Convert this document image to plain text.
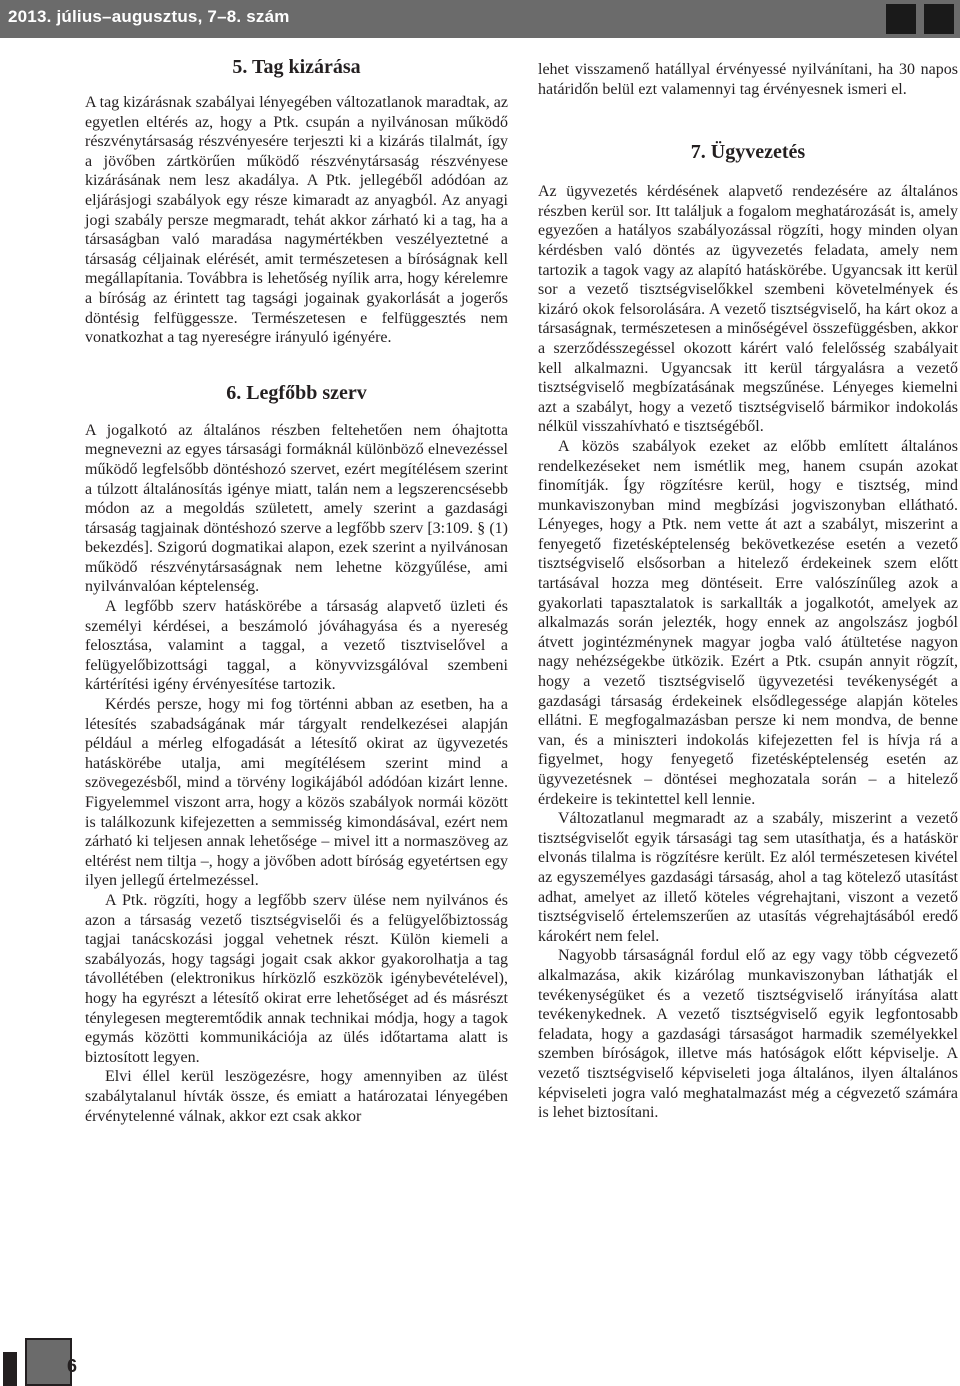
2013. július–augusztus, 7–8. szám
5. Tag kizárása

A tag kizárásnak szabályai lényegében változatlanok maradtak, az egyetlen eltérés az, hogy a Ptk. csupán a nyilvánosan működő részvénytársaság részvényesére terjeszti ki a kizárás tilalmát, így a jövőben zártkörűen működő részvénytársaság részvényese kizárásának nem lesz akadálya. A Ptk. jellegéből adódóan az eljárásjogi szabályok egy része kimaradt az anyagból. Az anyagi jogi szabály persze megmaradt, tehát akkor zárható ki a tag, ha a társaságban való maradása nagymértékben veszélyeztetné a társaság céljainak elérését, amit természetesen a bíróságnak kell megállapítania. Továbbra is lehetőség nyílik arra, hogy kérelemre a bíróság az érintett tag tagsági jogainak gyakorlását a jogerős döntésig felfüggessze. Természetesen e felfüggesztés nem vonatkozhat a tag nyereségre irányuló igényére.

6. Legfőbb szerv

A jogalkotó az általános részben feltehetően nem óhajtotta megnevezni az egyes társasági formáknál különböző elnevezéssel működő legfelsőbb döntéshozó szervet, ezért megítélésem szerint a túlzott általánosítás igénye miatt, talán nem a legszerencsésebb módon az a megoldás született, amely szerint a gazdasági társaság tagjainak döntéshozó szerve a legfőbb szerv [3:109. § (1) bekezdés]. Szigorú dogmatikai alapon, ezek szerint a nyilvánosan működő részvénytársaságnak nem lehetne közgyűlése, ami nyilvánvalóan képtelenség.

A legfőbb szerv hatáskörébe a társaság alapvető üzleti és személyi kérdései, a beszámoló jóváhagyása és a nyereség felosztása, valamint a taggal, a vezető tisztviselővel a felügyelőbizottsági taggal, a könyvvizsgálóval szembeni kártérítési igény érvényesítése tartozik.

Kérdés persze, hogy mi fog történni abban az esetben, ha a létesítés szabadságának már tárgyalt rendelkezései alapján például a mérleg elfogadását a létesítő okirat az ügyvezetés hatáskörébe utalja, ami megítélésem szerint mind a szövegezésből, mind a törvény logikájából adódóan kizárt lenne. Figyelemmel viszont arra, hogy a közös szabályok normái között is találkozunk kifejezetten a semmisség kimondásával, ezért nem zárható ki teljesen annak lehetősége – mivel itt a normaszöveg az eltérést nem tiltja –, hogy a jövőben adott bíróság egyetértsen egy ilyen jellegű értelmezéssel.

A Ptk. rögzíti, hogy a legfőbb szerv ülése nem nyilvános és azon a társaság vezető tisztségviselői és a felügyelőbiztosság tagjai tanácskozási joggal vehetnek részt. Külön kiemeli a szabályozás, hogy tagsági jogait csak akkor gyakorolhatja a tag távollétében (elektronikus hírközlő eszközök igénybevételével), hogy ha egyrészt a létesítő okirat erre lehetőséget ad és másrészt ténylegesen megteremtődik annak technikai módja, hogy a tagok egymás közötti kommunikációja az ülés időtartama alatt is biztosított legyen.

Elvi éllel kerül leszögezésre, hogy amennyiben az ülést szabálytalanul hívták össze, és emiatt a határozatai lényegében érvénytelenné válnak, akkor ezt csak akkor

lehet visszamenő hatállyal érvényessé nyilvánítani, ha 30 napos határidőn belül ezt valamennyi tag érvényesnek ismeri el.

7. Ügyvezetés

Az ügyvezetés kérdésének alapvető rendezésére az általános részben kerül sor. Itt találjuk a fogalom meghatározását is, amely egyezően a hatályos szabályozással rögzíti, hogy minden olyan kérdésben való döntés az ügyvezetés feladata, amely nem tartozik a tagok vagy az alapító hatáskörébe. Ugyancsak itt kerül sor a vezető tisztségviselőkkel szembeni követelmények és kizáró okok felsorolására. A vezető tisztségviselő, ha kárt okoz a társaságnak, természetesen a minőségével összefüggésben, akkor a szerződésszegéssel okozott kárért való felelősség szabályait kell alkalmazni. Ugyancsak itt kerül tárgyalásra a vezető tisztségviselő megbízatásának megszűnése. Lényeges kiemelni azt a szabályt, hogy a vezető tisztségviselő bármikor indokolás nélkül visszahívható e tisztségéből.

A közös szabályok ezeket az előbb említett általános rendelkezéseket nem ismétlik meg, hanem csupán azokat finomítják. Így rögzítésre kerül, hogy e tisztség, mind munkaviszonyban mind megbízási jogviszonyban ellátható. Lényeges, hogy a Ptk. nem vette át azt a szabályt, miszerint a fenyegető fizetésképtelenség bekövetkezése esetén a vezető tisztségviselő elsősorban a hitelező érdekeinek szem előtt tartásával hozza meg döntéseit. Erre valószínűleg azok a gyakorlati tapasztalatok is sarkallták a jogalkotót, amelyek az alkalmazás során jelezték, hogy ennek az angolszász jogból átvett jogintézménynek magyar jogba való átültetése nagyon nagy nehézségekbe ütközik. Ezért a Ptk. csupán annyit rögzít, hogy a vezető tisztségviselő ügyvezetési tevékenységét a gazdasági társaság érdekeinek elsődlegessége alapján köteles ellátni. E megfogalmazásban persze ki nem mondva, de benne van, és a miniszteri indokolás kifejezetten fel is hívja rá a figyelmet, hogy fenyegető fizetésképtelenség esetén az ügyvezetésnek – döntései meghozatala során – a hitelező érdekeire is tekintettel kell lennie.

Változatlanul megmaradt az a szabály, miszerint a vezető tisztségviselőt egyik társasági tag sem utasíthatja, és a hatáskör elvonás tilalma is rögzítésre került. Ez alól természetesen kivétel az egyszemélyes gazdasági társaság, ahol a tag kötelező utasítást adhat, amelyet az illető köteles végrehajtani, viszont a vezető tisztségviselő értelemszerűen az utasítás végrehajtásából eredő károkért nem felel.

Nagyobb társaságnál fordul elő az egy vagy több cégvezető alkalmazása, akik kizárólag munkaviszonyban láthatják el tevékenységüket és a vezető tisztségviselő irányítása alatt tevékenykednek. A vezető tisztségviselő egyik legfontosabb feladata, hogy a gazdasági társaságot harmadik személyekkel szemben bíróságok, illetve más hatóságok előtt képviselje. A vezető tisztségviselő képviseleti joga általános, ilyen általános képviseleti jogra való meghatalmazást még a cégvezető számára is lehet biztosítani.

6
